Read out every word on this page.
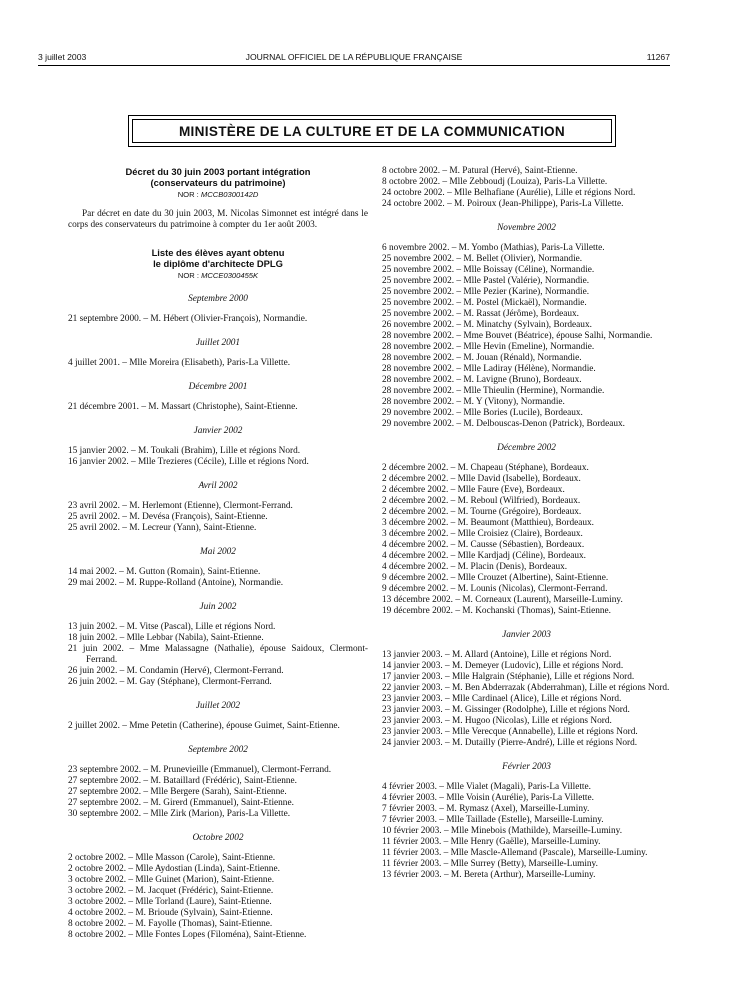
3 juillet 2003	JOURNAL OFFICIEL DE LA RÉPUBLIQUE FRANÇAISE	11267
MINISTÈRE DE LA CULTURE ET DE LA COMMUNICATION
Décret du 30 juin 2003 portant intégration
(conservateurs du patrimoine)
NOR : MCCB0300142D
Par décret en date du 30 juin 2003, M. Nicolas Simonnet est intégré dans le corps des conservateurs du patrimoine à compter du 1er août 2003.
Liste des élèves ayant obtenu
le diplôme d'architecte DPLG
NOR : MCCE0300455K
Septembre 2000

21 septembre 2000. – M. Hébert (Olivier-François), Normandie.

Juillet 2001

4 juillet 2001. – Mlle Moreira (Elisabeth), Paris-La Villette.

Décembre 2001

21 décembre 2001. – M. Massart (Christophe), Saint-Etienne.

Janvier 2002

15 janvier 2002. – M. Toukali (Brahim), Lille et régions Nord.

16 janvier 2002. – Mlle Trezieres (Cécile), Lille et régions Nord.

Avril 2002

23 avril 2002. – M. Herlemont (Etienne), Clermont-Ferrand.

25 avril 2002. – M. Devésa (François), Saint-Etienne.

25 avril 2002. – M. Lecreur (Yann), Saint-Etienne.

Mai 2002

14 mai 2002. – M. Gutton (Romain), Saint-Etienne.

29 mai 2002. – M. Ruppe-Rolland (Antoine), Normandie.

Juin 2002

13 juin 2002. – M. Vitse (Pascal), Lille et régions Nord.

18 juin 2002. – Mlle Lebbar (Nabila), Saint-Etienne.

21 juin 2002. – Mme Malassagne (Nathalie), épouse Saidoux, Clermont-Ferrand.

26 juin 2002. – M. Condamin (Hervé), Clermont-Ferrand.

26 juin 2002. – M. Gay (Stéphane), Clermont-Ferrand.

Juillet 2002

2 juillet 2002. – Mme Petetin (Catherine), épouse Guimet, Saint-Etienne.

Septembre 2002

23 septembre 2002. – M. Prunevieille (Emmanuel), Clermont-Ferrand.

27 septembre 2002. – M. Bataillard (Frédéric), Saint-Etienne.

27 septembre 2002. – Mlle Bergere (Sarah), Saint-Etienne.

27 septembre 2002. – M. Girerd (Emmanuel), Saint-Etienne.

30 septembre 2002. – Mlle Zirk (Marion), Paris-La Villette.

Octobre 2002

2 octobre 2002. – Mlle Masson (Carole), Saint-Etienne.

2 octobre 2002. – Mlle Aydostian (Linda), Saint-Etienne.

3 octobre 2002. – Mlle Guinet (Marion), Saint-Etienne.

3 octobre 2002. – M. Jacquet (Frédéric), Saint-Etienne.

3 octobre 2002. – Mlle Torland (Laure), Saint-Etienne.

4 octobre 2002. – M. Brioude (Sylvain), Saint-Etienne.

8 octobre 2002. – M. Fayolle (Thomas), Saint-Etienne.

8 octobre 2002. – Mlle Fontes Lopes (Filoména), Saint-Etienne.

8 octobre 2002. – M. Patural (Hervé), Saint-Etienne.

8 octobre 2002. – Mlle Zebboudj (Louiza), Paris-La Villette.

24 octobre 2002. – Mlle Belhafiane (Aurélie), Lille et régions Nord.

24 octobre 2002. – M. Poiroux (Jean-Philippe), Paris-La Villette.

Novembre 2002

6 novembre 2002. – M. Yombo (Mathias), Paris-La Villette.

25 novembre 2002. – M. Bellet (Olivier), Normandie.

25 novembre 2002. – Mlle Boissay (Céline), Normandie.

25 novembre 2002. – Mlle Pastel (Valérie), Normandie.

25 novembre 2002. – Mlle Pezier (Karine), Normandie.

25 novembre 2002. – M. Postel (Mickaël), Normandie.

25 novembre 2002. – M. Rassat (Jérôme), Bordeaux.

26 novembre 2002. – M. Minatchy (Sylvain), Bordeaux.

28 novembre 2002. – Mme Bouvet (Béatrice), épouse Salhi, Normandie.

28 novembre 2002. – Mlle Hevin (Emeline), Normandie.

28 novembre 2002. – M. Jouan (Rénald), Normandie.

28 novembre 2002. – Mlle Ladiray (Hélène), Normandie.

28 novembre 2002. – M. Lavigne (Bruno), Bordeaux.

28 novembre 2002. – Mlle Thieulin (Hermine), Normandie.

28 novembre 2002. – M. Y (Vitony), Normandie.

29 novembre 2002. – Mlle Bories (Lucile), Bordeaux.

29 novembre 2002. – M. Delbouscas-Denon (Patrick), Bordeaux.

Décembre 2002

2 décembre 2002. – M. Chapeau (Stéphane), Bordeaux.

2 décembre 2002. – Mlle David (Isabelle), Bordeaux.

2 décembre 2002. – Mlle Faure (Eve), Bordeaux.

2 décembre 2002. – M. Reboul (Wilfried), Bordeaux.

2 décembre 2002. – M. Tourne (Grégoire), Bordeaux.

3 décembre 2002. – M. Beaumont (Matthieu), Bordeaux.

3 décembre 2002. – Mlle Croisiez (Claire), Bordeaux.

4 décembre 2002. – M. Causse (Sébastien), Bordeaux.

4 décembre 2002. – Mlle Kardjadj (Céline), Bordeaux.

4 décembre 2002. – M. Placin (Denis), Bordeaux.

9 décembre 2002. – Mlle Crouzet (Albertine), Saint-Etienne.

9 décembre 2002. – M. Lounis (Nicolas), Clermont-Ferrand.

13 décembre 2002. – M. Corneaux (Laurent), Marseille-Luminy.

19 décembre 2002. – M. Kochanski (Thomas), Saint-Etienne.

Janvier 2003

13 janvier 2003. – M. Allard (Antoine), Lille et régions Nord.

14 janvier 2003. – M. Demeyer (Ludovic), Lille et régions Nord.

17 janvier 2003. – Mlle Halgrain (Stéphanie), Lille et régions Nord.

22 janvier 2003. – M. Ben Abderrazak (Abderrahman), Lille et régions Nord.

23 janvier 2003. – Mlle Cardinael (Alice), Lille et régions Nord.

23 janvier 2003. – M. Gissinger (Rodolphe), Lille et régions Nord.

23 janvier 2003. – M. Hugoo (Nicolas), Lille et régions Nord.

23 janvier 2003. – Mlle Verecque (Annabelle), Lille et régions Nord.

24 janvier 2003. – M. Dutailly (Pierre-André), Lille et régions Nord.

Février 2003

4 février 2003. – Mlle Vialet (Magali), Paris-La Villette.

4 février 2003. – Mlle Voisin (Aurélie), Paris-La Villette.

7 février 2003. – M. Rymasz (Axel), Marseille-Luminy.

7 février 2003. – Mlle Taillade (Estelle), Marseille-Luminy.

10 février 2003. – Mlle Minebois (Mathilde), Marseille-Luminy.

11 février 2003. – Mlle Henry (Gaëlle), Marseille-Luminy.

11 février 2003. – Mlle Mascle-Allemand (Pascale), Marseille-Luminy.

11 février 2003. – Mlle Surrey (Betty), Marseille-Luminy.

13 février 2003. – M. Bereta (Arthur), Marseille-Luminy.
